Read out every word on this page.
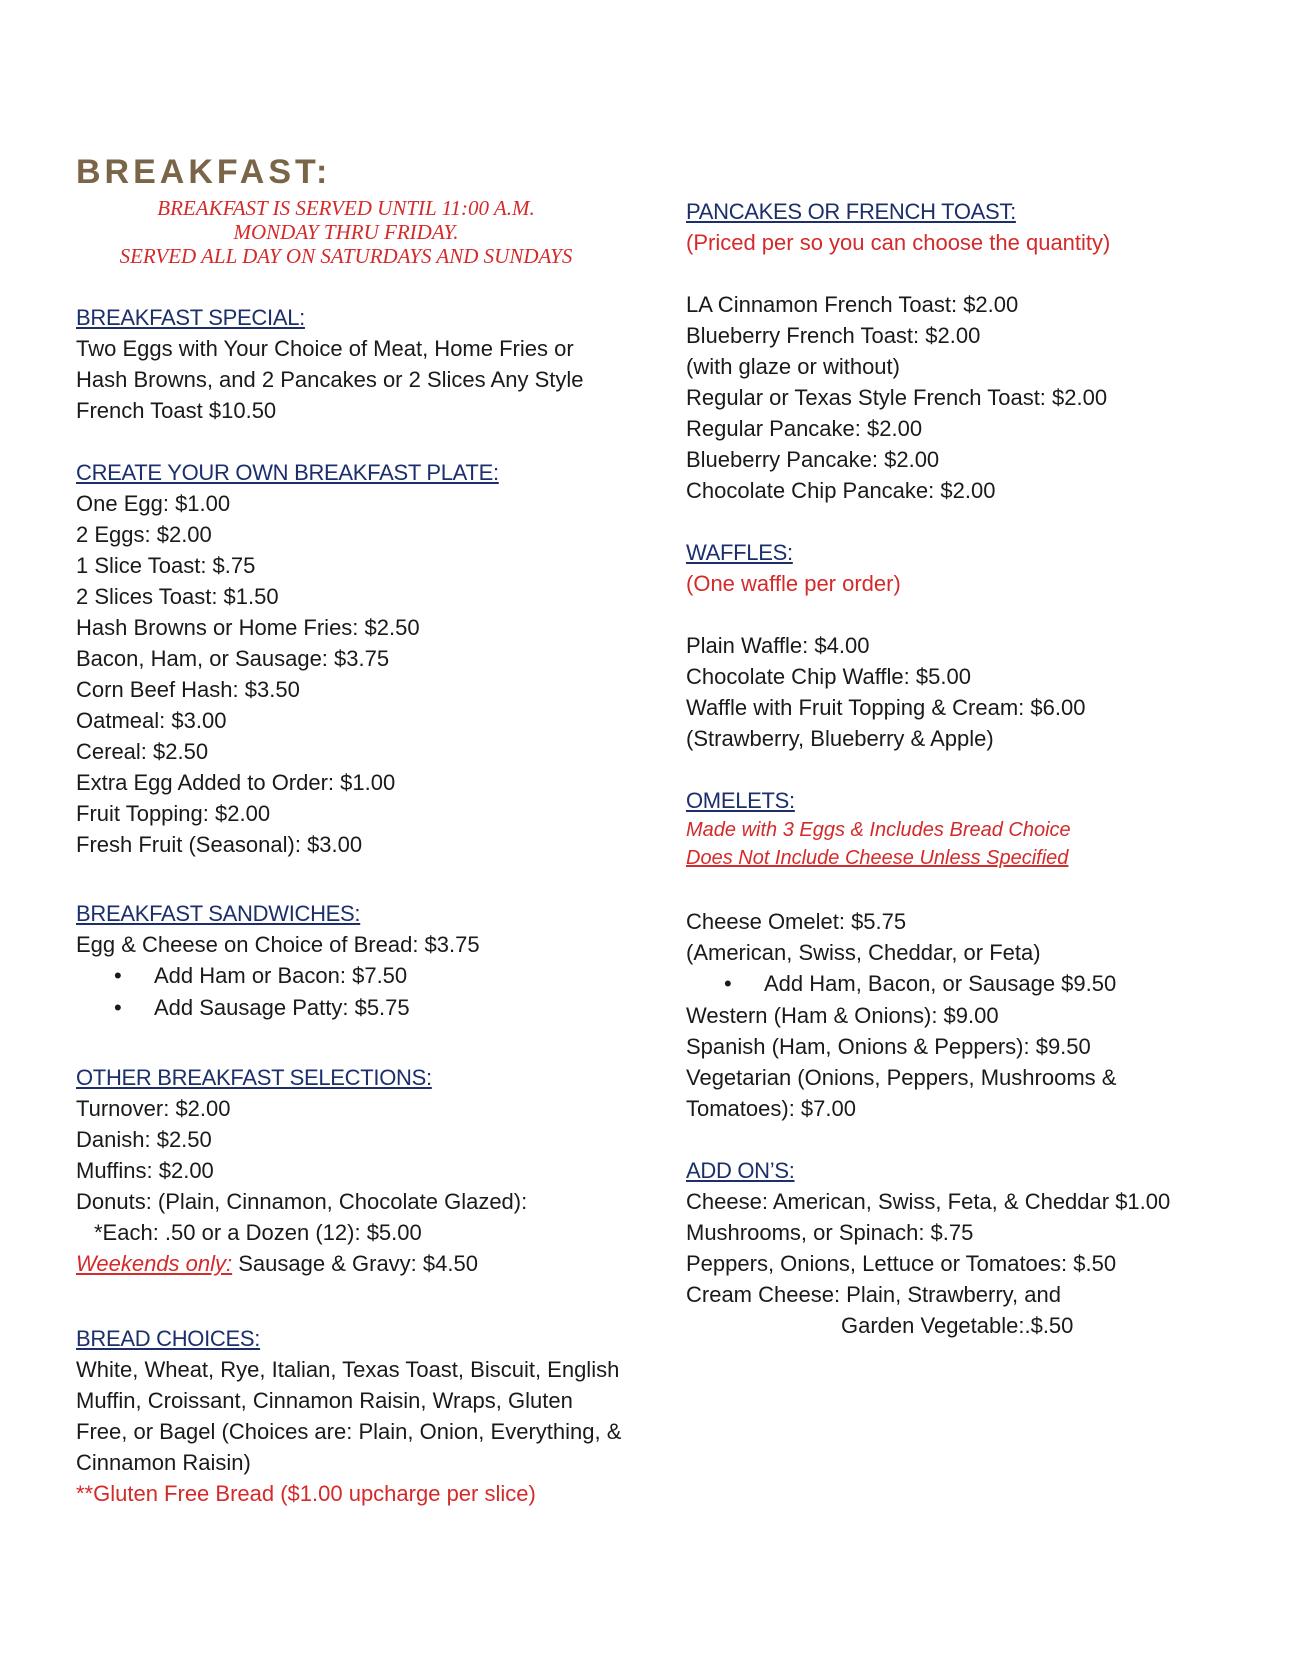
BREAKFAST:
BREAKFAST IS SERVED UNTIL 11:00 A.M.
MONDAY THRU FRIDAY.
SERVED ALL DAY ON SATURDAYS AND SUNDAYS
BREAKFAST SPECIAL:
Two Eggs with Your Choice of Meat, Home Fries or
Hash Browns, and 2 Pancakes or 2 Slices Any Style
French Toast $10.50
CREATE YOUR OWN BREAKFAST PLATE:
One Egg: $1.00
2 Eggs: $2.00
1 Slice Toast: $.75
2 Slices Toast: $1.50
Hash Browns or Home Fries: $2.50
Bacon, Ham, or Sausage: $3.75
Corn Beef Hash: $3.50
Oatmeal: $3.00
Cereal: $2.50
Extra Egg Added to Order: $1.00
Fruit Topping: $2.00
Fresh Fruit (Seasonal): $3.00
BREAKFAST SANDWICHES:
Egg & Cheese on Choice of Bread: $3.75
• Add Ham or Bacon: $7.50
• Add Sausage Patty: $5.75
OTHER BREAKFAST SELECTIONS:
Turnover: $2.00
Danish: $2.50
Muffins: $2.00
Donuts: (Plain, Cinnamon, Chocolate Glazed):
*Each: .50 or a Dozen (12): $5.00
Weekends only: Sausage & Gravy: $4.50
BREAD CHOICES:
White, Wheat, Rye, Italian, Texas Toast, Biscuit, English
Muffin, Croissant, Cinnamon Raisin, Wraps, Gluten
Free, or Bagel (Choices are: Plain, Onion, Everything, &
Cinnamon Raisin)
**Gluten Free Bread ($1.00 upcharge per slice)
PANCAKES OR FRENCH TOAST:
(Priced per so you can choose the quantity)
LA Cinnamon French Toast: $2.00
Blueberry French Toast: $2.00
(with glaze or without)
Regular or Texas Style French Toast: $2.00
Regular Pancake: $2.00
Blueberry Pancake: $2.00
Chocolate Chip Pancake: $2.00
WAFFLES:
(One waffle per order)
Plain Waffle: $4.00
Chocolate Chip Waffle: $5.00
Waffle with Fruit Topping & Cream: $6.00
(Strawberry, Blueberry & Apple)
OMELETS:
Made with 3 Eggs & Includes Bread Choice
Does Not Include Cheese Unless Specified
Cheese Omelet: $5.75
(American, Swiss, Cheddar, or Feta)
• Add Ham, Bacon, or Sausage $9.50
Western (Ham & Onions): $9.00
Spanish (Ham, Onions & Peppers): $9.50
Vegetarian (Onions, Peppers, Mushrooms &
Tomatoes): $7.00
ADD ON’S:
Cheese: American, Swiss, Feta, & Cheddar $1.00
Mushrooms, or Spinach: $.75
Peppers, Onions, Lettuce or Tomatoes: $.50
Cream Cheese: Plain, Strawberry, and
Garden Vegetable:.$.50
